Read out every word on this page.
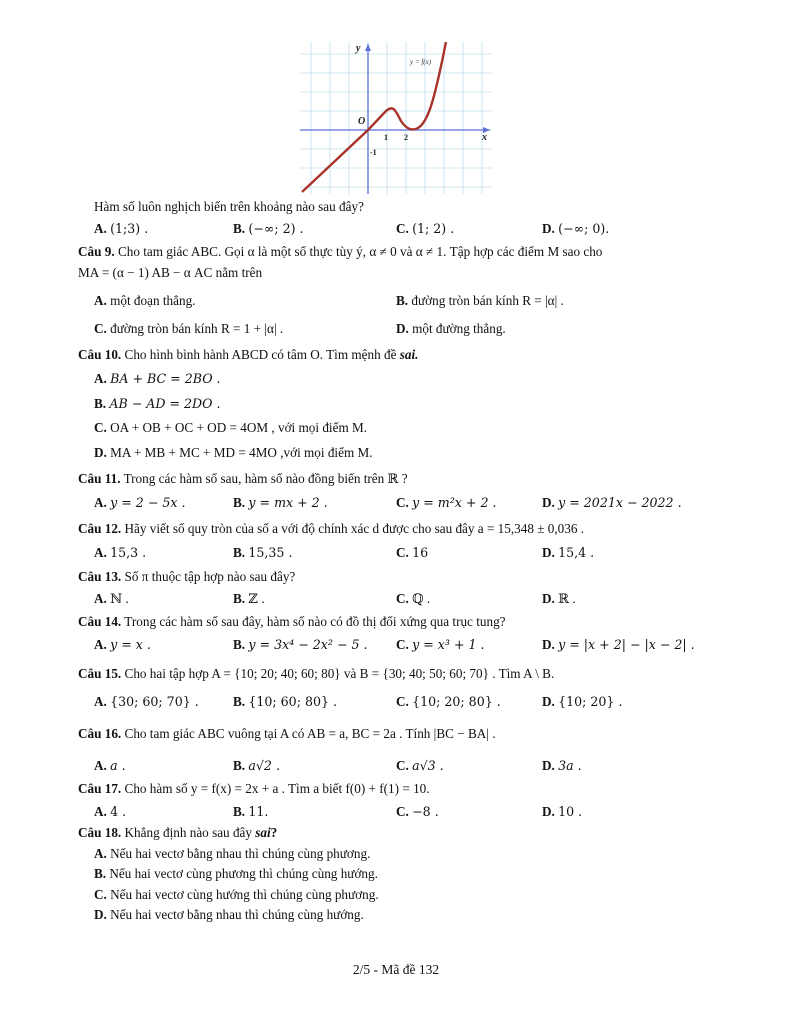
y
x
O
1 2
-1
y = f(x)
Hàm số luôn nghịch biến trên khoảng nào sau đây?
A. (1;3) .	B. (−∞; 2) .	C. (1; 2) .	D. (−∞; 0).
Câu 9. Cho tam giác ABC. Gọi α là một số thực tùy ý, α ≠ 0 và α ≠ 1. Tập hợp các điểm M sao cho
MA = (α − 1) AB − α AC nằm trên
A. một đoạn thẳng.	B. đường tròn bán kính R = |α| .
C. đường tròn bán kính R = 1 + |α| .	D. một đường thẳng.
Câu 10. Cho hình bình hành ABCD có tâm O. Tìm mệnh đề sai.
A. BA + BC = 2BO .
B. AB − AD = 2DO .
C. OA + OB + OC + OD = 4OM , với mọi điểm M.
D. MA + MB + MC + MD = 4MO ,với mọi điểm M.
Câu 11. Trong các hàm số sau, hàm số nào đồng biến trên ℝ ?
A. y = 2 − 5x .	B. y = mx + 2 .	C. y = m²x + 2 .	D. y = 2021x − 2022 .
Câu 12. Hãy viết số quy tròn của số a với độ chính xác d được cho sau đây a = 15,348 ± 0,036 .
A. 15,3 .	B. 15,35 .	C. 16	D. 15,4 .
Câu 13. Số π thuộc tập hợp nào sau đây?
A. ℕ .	B. ℤ .	C. ℚ .	D. ℝ .
Câu 14. Trong các hàm số sau đây, hàm số nào có đồ thị đối xứng qua trục tung?
A. y = x .	B. y = 3x⁴ − 2x² − 5 . C. y = x³ + 1 .	D. y = |x + 2| − |x − 2| .
Câu 15. Cho hai tập hợp A = {10; 20; 40; 60; 80} và B = {30; 40; 50; 60; 70} . Tìm A \ B.
A. {30; 60; 70} .	B. {10; 60; 80} .	C. {10; 20; 80} .	D. {10; 20} .
Câu 16. Cho tam giác ABC vuông tại A có AB = a, BC = 2a . Tính |BC − BA| .
A. a .	B. a√2 .	C. a√3 .	D. 3a .
Câu 17. Cho hàm số y = f(x) = 2x + a . Tìm a biết f(0) + f(1) = 10.
A. 4 .	B. 11.	C. −8 .	D. 10 .
Câu 18. Khẳng định nào sau đây sai?
A. Nếu hai vectơ bằng nhau thì chúng cùng phương.
B. Nếu hai vectơ cùng phương thì chúng cùng hướng.
C. Nếu hai vectơ cùng hướng thì chúng cùng phương.
D. Nếu hai vectơ bằng nhau thì chúng cùng hướng.
2/5 - Mã đề 132
